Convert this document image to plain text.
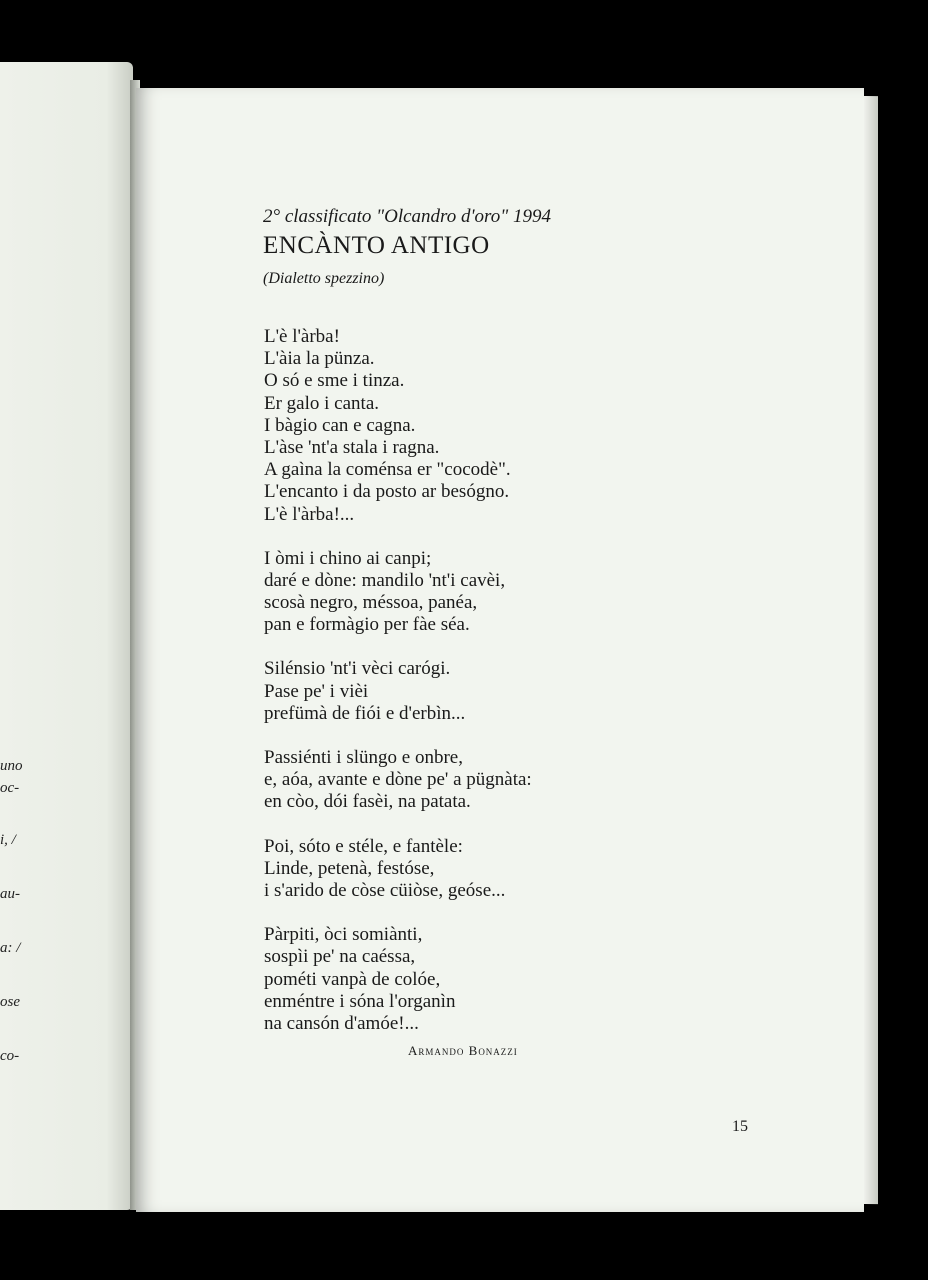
uno
oc-
i, /
au-
a: /
ose
co-
2° classificato "Olcandro d'oro" 1994
ENCÀNTO ANTIGO
(Dialetto spezzino)
L'è l'àrba!
L'àia la pünza.
O só e sme i tinza.
Er galo i canta.
I bàgio can e cagna.
L'àse 'nt'a stala i ragna.
A gaìna la coménsa er "cocodè".
L'encanto i da posto ar besógno.
L'è l'àrba!...
I òmi i chino ai canpi;
daré e dòne: mandilo 'nt'i cavèi,
scosà negro, méssoa, panéa,
pan e formàgio per fàe séa.
Silénsio 'nt'i vèci carógi.
Pase pe' i vièi
prefümà de fiói e d'erbìn...
Passiénti i slüngo e onbre,
e, aóa, avante e dòne pe' a pügnàta:
en còo, dói fasèi, na patata.
Poi, sóto e stéle, e fantèle:
Linde, petenà, festóse,
i s'arido de còse cüiòse, geóse...
Pàrpiti, òci somiànti,
sospìi pe' na caéssa,
pométi vanpà de colóe,
enméntre i sóna l'organìn
na cansón d'amóe!...
Armando Bonazzi
15
